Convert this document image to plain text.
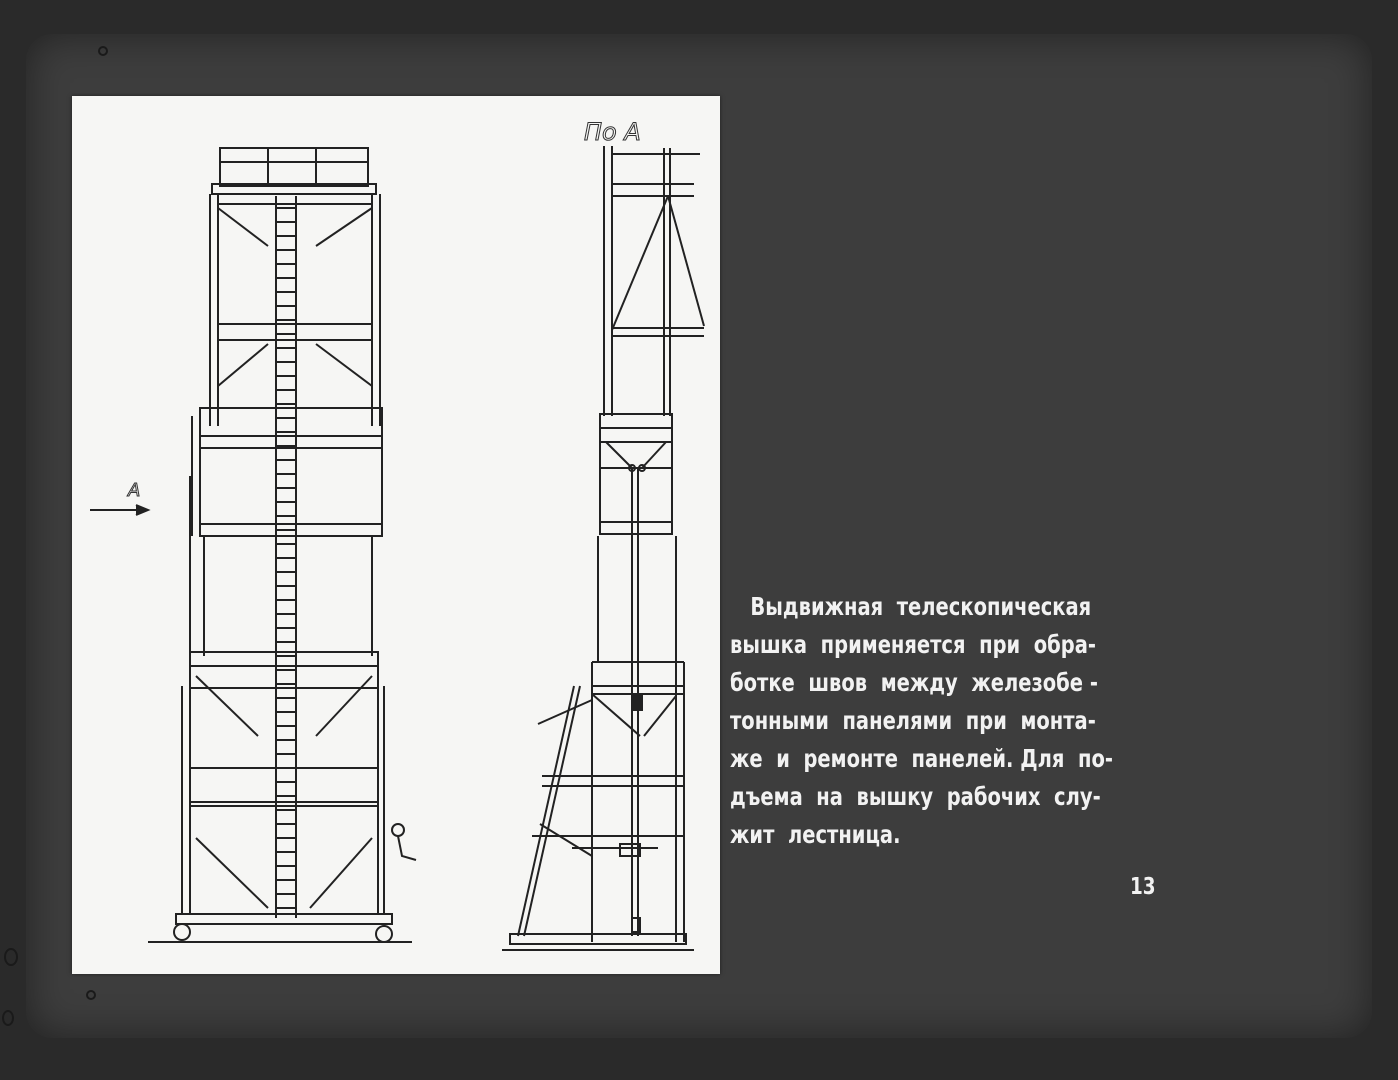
По А
А
Выдвижная  телескопическая
вышка  применяется  при  обра-
ботке  швов  между  железобе -
тонными  панелями  при  монта-
же  и  ремонте  панелей. Для  по-
дъема  на  вышку  рабочих  слу-
жит  лестница.
13
